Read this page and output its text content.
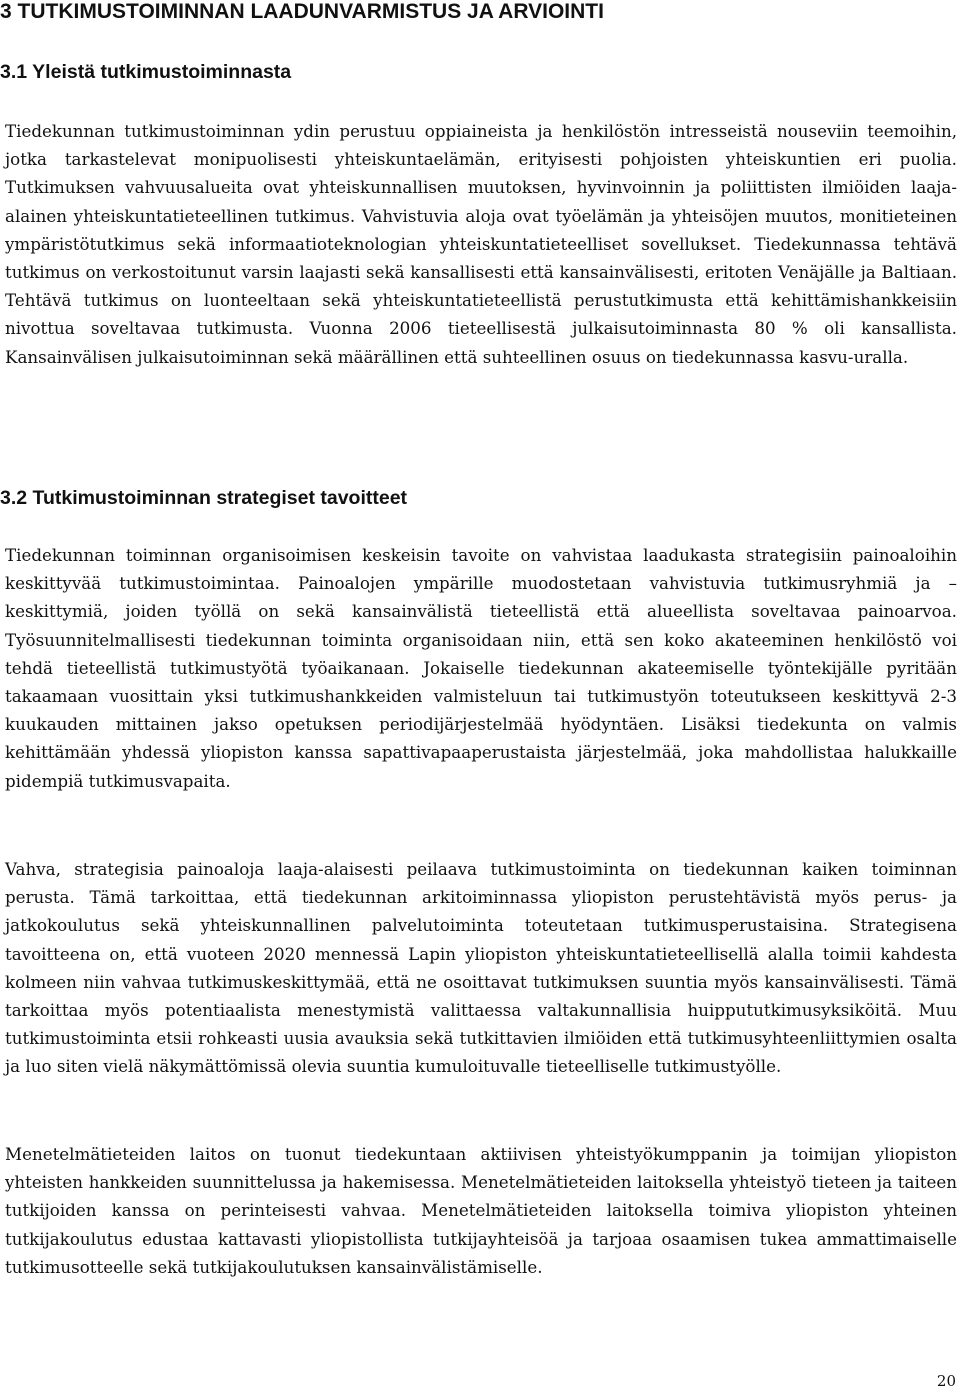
3 TUTKIMUSTOIMINNAN LAADUNVARMISTUS JA ARVIOINTI
3.1 Yleistä tutkimustoiminnasta

Tiedekunnan tutkimustoiminnan ydin perustuu oppiaineista ja henkilöstön intresseistä nouseviin teemoihin, jotka tarkastelevat monipuolisesti yhteiskuntaelämän, erityisesti pohjoisten yhteiskuntien eri puolia. Tutkimuksen vahvuusalueita ovat yhteiskunnallisen muutoksen, hyvinvoinnin ja poliittisten ilmiöiden laaja-alainen yhteiskuntatieteellinen tutkimus. Vahvistuvia aloja ovat työelämän ja yhteisöjen muutos, monitieteinen ympäristötutkimus sekä informaatioteknologian yhteiskuntatieteelliset sovellukset. Tiedekunnassa tehtävä tutkimus on verkostoitunut varsin laajasti sekä kansallisesti että kansainvälisesti, eritoten Venäjälle ja Baltiaan. Tehtävä tutkimus on luonteeltaan sekä yhteiskuntatieteellistä perustutkimusta että kehittämishankkeisiin nivottua soveltavaa tutkimusta. Vuonna 2006 tieteellisestä julkaisutoiminnasta 80 % oli kansallista. Kansainvälisen julkaisutoiminnan sekä määrällinen että suhteellinen osuus on tiedekunnassa kasvu-uralla.

3.2 Tutkimustoiminnan strategiset tavoitteet

Tiedekunnan toiminnan organisoimisen keskeisin tavoite on vahvistaa laadukasta strategisiin painoaloihin keskittyvää tutkimustoimintaa. Painoalojen ympärille muodostetaan vahvistuvia tutkimusryhmiä ja –keskittymiä, joiden työllä on sekä kansainvälistä tieteellistä että alueellista soveltavaa painoarvoa. Työsuunnitelmallisesti tiedekunnan toiminta organisoidaan niin, että sen koko akateeminen henkilöstö voi tehdä tieteellistä tutkimustyötä työaikanaan. Jokaiselle tiedekunnan akateemiselle työntekijälle pyritään takaamaan vuosittain yksi tutkimushankkeiden valmisteluun tai tutkimustyön toteutukseen keskittyvä 2-3 kuukauden mittainen jakso opetuksen periodijärjestelmää hyödyntäen. Lisäksi tiedekunta on valmis kehittämään yhdessä yliopiston kanssa sapattivapaaperustaista järjestelmää, joka mahdollistaa halukkaille pidempiä tutkimusvapaita.

Vahva, strategisia painoaloja laaja-alaisesti peilaava tutkimustoiminta on tiedekunnan kaiken toiminnan perusta. Tämä tarkoittaa, että tiedekunnan arkitoiminnassa yliopiston perustehtävistä myös perus- ja jatkokoulutus sekä yhteiskunnallinen palvelutoiminta toteutetaan tutkimusperustaisina. Strategisena tavoitteena on, että vuoteen 2020 mennessä Lapin yliopiston yhteiskuntatieteellisellä alalla toimii kahdesta kolmeen niin vahvaa tutkimuskeskittymää, että ne osoittavat tutkimuksen suuntia myös kansainvälisesti. Tämä tarkoittaa myös potentiaalista menestymistä valittaessa valtakunnallisia huippututkimusyksiköitä. Muu tutkimustoiminta etsii rohkeasti uusia avauksia sekä tutkittavien ilmiöiden että tutkimusyhteenliittymien osalta ja luo siten vielä näkymättömissä olevia suuntia kumuloituvalle tieteelliselle tutkimustyölle.

Menetelmätieteiden laitos on tuonut tiedekuntaan aktiivisen yhteistyökumppanin ja toimijan yliopiston yhteisten hankkeiden suunnittelussa ja hakemisessa. Menetelmätieteiden laitoksella yhteistyö tieteen ja taiteen tutkijoiden kanssa on perinteisesti vahvaa. Menetelmätieteiden laitoksella toimiva yliopiston yhteinen tutkijakoulutus edustaa kattavasti yliopistollista tutkijayhteisöä ja tarjoaa osaamisen tukea ammattimaiselle tutkimusotteelle sekä tutkijakoulutuksen kansainvälistämiselle.

20
